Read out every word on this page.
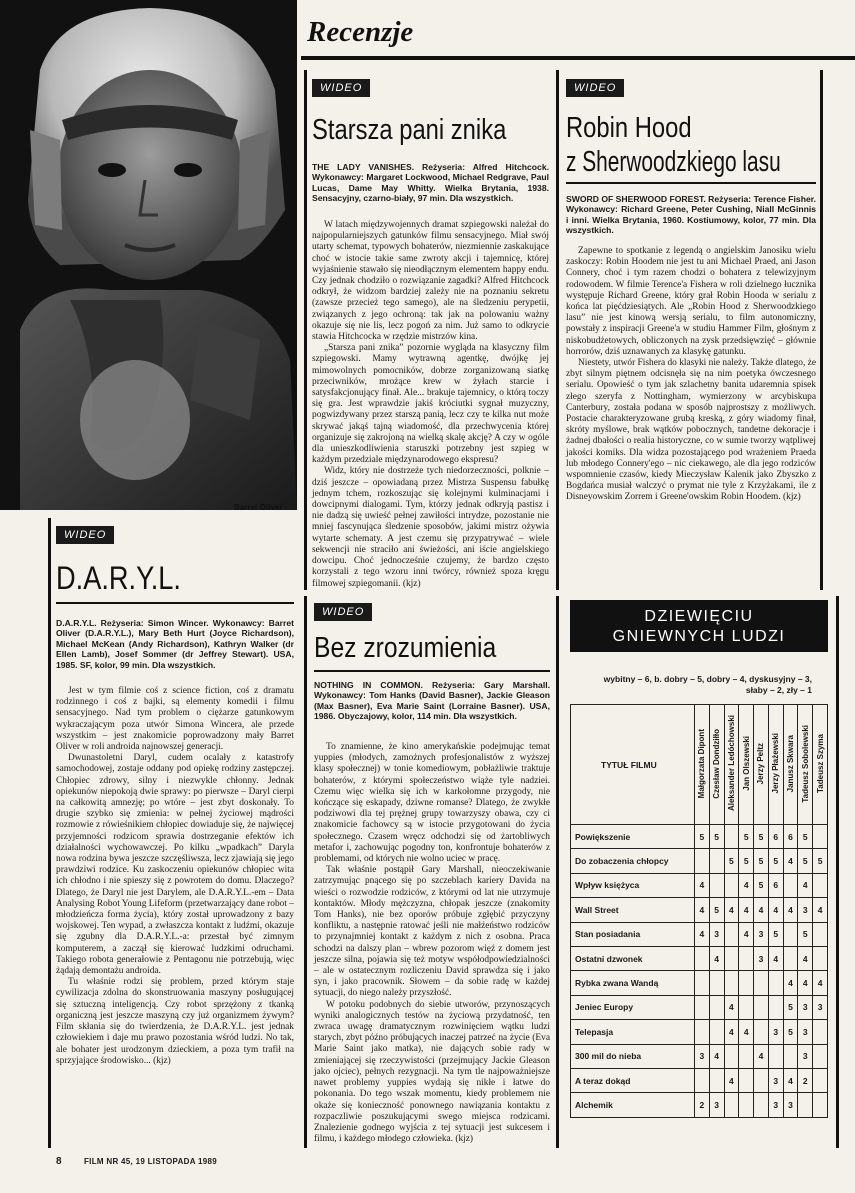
Barret Oliver
Recenzje
WIDEO
Starsza pani znika
THE LADY VANISHES. Reżyseria: Alfred Hitchcock. Wykonawcy: Margaret Lockwood, Michael Redgrave, Paul Lucas, Dame May Whitty. Wielka Brytania, 1938. Sensacyjny, czarno-biały, 97 min. Dla wszystkich.

W latach międzywojennych dramat szpiegowski należał do najpopularniejszych gatunków filmu sensacyjnego. Miał swój utarty schemat, typowych bohaterów, niezmiennie zaskakujące choć w istocie takie same zwroty akcji i tajemnicę, której wyjaśnienie stawało się nieodłącznym elementem happy endu. Czy jednak chodziło o rozwiązanie zagadki? Alfred Hitchcock odkrył, że widzom bardziej zależy nie na poznaniu sekretu (zawsze przecież tego samego), ale na śledzeniu perypetii, związanych z jego ochroną: tak jak na polowaniu ważny okazuje się nie lis, lecz pogoń za nim. Już samo to odkrycie stawia Hitchcocka w rzędzie mistrzów kina.

„Starsza pani znika” pozornie wygląda na klasyczny film szpiegowski. Mamy wytrawną agentkę, dwójkę jej mimowolnych pomocników, dobrze zorganizowaną siatkę przeciwników, mrożące krew w żyłach starcie i satysfakcjonujący finał. Ale... brakuje tajemnicy, o którą toczy się gra. Jest wprawdzie jakiś króciutki sygnał muzyczny, pogwizdywany przez starszą panią, lecz czy te kilka nut może skrywać jakąś tajną wiadomość, dla przechwycenia której organizuje się zakrojoną na wielką skalę akcję? A czy w ogóle dla unieszkodliwienia staruszki potrzebny jest szpieg w każdym przedziale międzynarodowego ekspresu?

Widz, który nie dostrzeże tych niedorzeczności, polknie – dziś jeszcze – opowiadaną przez Mistrza Suspensu fabułkę jednym tchem, rozkoszując się kolejnymi kulminacjami i dowcipnymi dialogami. Tym, którzy jednak odkryją pastisz i nie dadzą się uwieść pełnej zawiłości intrydze, pozostanie nie mniej fascynująca śledzenie sposobów, jakimi mistrz ożywia wytarte schematy. A jest czemu się przypatrywać – wiele sekwencji nie straciło ani świeżości, ani iście angielskiego dowcipu. Choć jednocześnie czujemy, że bardzo często korzystali z tego wzoru inni twórcy, również spoza kręgu filmowej szpiegomanii. (kjz)

WIDEO
Robin Hood
z Sherwoodzkiego lasu
SWORD OF SHERWOOD FOREST. Reżyseria: Terence Fisher. Wykonawcy: Richard Greene, Peter Cushing, Niall McGinnis i inni. Wielka Brytania, 1960. Kostiumowy, kolor, 77 min. Dla wszystkich.

Zapewne to spotkanie z legendą o angielskim Janosiku wielu zaskoczy: Robin Hoodem nie jest tu ani Michael Praed, ani Jason Connery, choć i tym razem chodzi o bohatera z telewizyjnym rodowodem. W filmie Terence'a Fishera w roli dzielnego łucznika występuje Richard Greene, który grał Robin Hooda w serialu z końca lat pięćdziesiątych. Ale „Robin Hood z Sherwoodzkiego lasu” nie jest kinową wersją serialu, to film autonomiczny, powstały z inspiracji Greene'a w studiu Hammer Film, głośnym z niskobudżetowych, obliczonych na zysk przedsięwzięć – głównie horrorów, dziś uznawanych za klasykę gatunku.

Niestety, utwór Fishera do klasyki nie należy. Także dlatego, że zbyt silnym piętnem odcisnęła się na nim poetyka ówczesnego serialu. Opowieść o tym jak szlachetny banita udaremnia spisek złego szeryfa z Nottingham, wymierzony w arcybiskupa Canterbury, została podana w sposób najprostszy z możliwych. Postacie charakteryzowane grubą kreską, z góry wiadomy finał, skróty myślowe, brak wątków pobocznych, tandetne dekoracje i żadnej dbałości o realia historyczne, co w sumie tworzy wątpliwej jakości komiks. Dla widza pozostającego pod wrażeniem Praeda lub młodego Connery'ego – nic ciekawego, ale dla jego rodziców wspomnienie czasów, kiedy Mieczysław Kalenik jako Zbyszko z Bogdańca musiał walczyć o prymat nie tyle z Krzyżakami, ile z Disneyowskim Zorrem i Greene'owskim Robin Hoodem. (kjz)

WIDEO
D.A.R.Y.L.
D.A.R.Y.L. Reżyseria: Simon Wincer. Wykonawcy: Barret Oliver (D.A.R.Y.L.), Mary Beth Hurt (Joyce Richardson), Michael McKean (Andy Richardson), Kathryn Walker (dr Ellen Lamb), Josef Sommer (dr Jeffrey Stewart). USA, 1985. SF, kolor, 99 min. Dla wszystkich.

Jest w tym filmie coś z science fiction, coś z dramatu rodzinnego i coś z bajki, są elementy komedii i filmu sensacyjnego. Nad tym problem o ciężarze gatunkowym wykraczającym poza utwór Simona Wincera, ale przede wszystkim – jest znakomicie poprowadzony mały Barret Oliver w roli androida najnowszej generacji.

Dwunastoletni Daryl, cudem ocalały z katastrofy samochodowej, zostaje oddany pod opiekę rodziny zastępczej. Chłopiec zdrowy, silny i niezwykle chłonny. Jednak opiekunów niepokoją dwie sprawy: po pierwsze – Daryl cierpi na całkowitą amnezję; po wtóre – jest zbyt doskonały. To drugie szybko się zmienia: w pełnej życiowej mądrości rozmowie z rówieśnikiem chłopiec dowiaduje się, że najwięcej przyjemności rodzicom sprawia dostrzeganie efektów ich działalności wychowawczej. Po kilku „wpadkach” Daryla nowa rodzina bywa jeszcze szczęśliwsza, lecz zjawiają się jego prawdziwi rodzice. Ku zaskoczeniu opiekunów chłopiec wita ich chłodno i nie spieszy się z powrotem do domu. Dlaczego? Dlatego, że Daryl nie jest Darylem, ale D.A.R.Y.L.-em – Data Analysing Robot Young Lifeform (przetwarzający dane robot – młodzieńcza forma życia), który został uprowadzony z bazy wojskowej. Ten wypad, a zwłaszcza kontakt z ludźmi, okazuje się zgubny dla D.A.R.Y.L.-a: przestał być zimnym komputerem, a zaczął się kierować ludzkimi odruchami. Takiego robota generałowie z Pentagonu nie potrzebują, więc żądają demontażu androida.

Tu właśnie rodzi się problem, przed którym staje cywilizacja zdolna do skonstruowania maszyny posługującej się sztuczną inteligencją. Czy robot sprzężony z tkanką organiczną jest jeszcze maszyną czy już organizmem żywym? Film skłania się do twierdzenia, że D.A.R.Y.L. jest jednak człowiekiem i daje mu prawo pozostania wśród ludzi. No tak, ale bohater jest urodzonym dzieckiem, a poza tym trafił na sprzyjające środowisko... (kjz)

WIDEO
Bez zrozumienia
NOTHING IN COMMON. Reżyseria: Gary Marshall. Wykonawcy: Tom Hanks (David Basner), Jackie Gleason (Max Basner), Eva Marie Saint (Lorraine Basner). USA, 1986. Obyczajowy, kolor, 114 min. Dla wszystkich.

To znamienne, że kino amerykańskie podejmując temat yuppies (młodych, zamożnych profesjonalistów z wyższej klasy społecznej) w tonie komediowym, pobłażliwie traktuje bohaterów, z którymi społeczeństwo wiąże tyle nadziei. Czemu więc wielka się ich w karkołomne przygody, nie kończące się eskapady, dziwne romanse? Dlatego, że zwykłe podziwowi dla tej prężnej grupy towarzyszy obawa, czy ci znakomicie fachowcy są w istocie przygotowani do życia społecznego. Czasem wręcz odchodzi się od żartobliwych metafor i, zachowując pogodny ton, konfrontuje bohaterów z problemami, od których nie wolno uciec w pracę.

Tak właśnie postąpił Gary Marshall, nieoczekiwanie zatrzymując pnącego się po szczeblach kariery Davida na wieści o rozwodzie rodziców, z którymi od lat nie utrzymuje kontaktów. Młody mężczyzna, chłopak jeszcze (znakomity Tom Hanks), nie bez oporów próbuje zgłębić przyczyny konfliktu, a następnie ratować jeśli nie małżeństwo rodziców to przynajmniej kontakt z każdym z nich z osobna. Praca schodzi na dalszy plan – wbrew pozorom więź z domem jest jeszcze silna, pojawia się też motyw współodpowiedzialności – ale w ostatecznym rozliczeniu David sprawdza się i jako syn, i jako pracownik. Słowem – da sobie radę w każdej sytuacji, do niego należy przyszłość.

W potoku podobnych do siebie utworów, przynoszących wyniki analogicznych testów na życiową przydatność, ten zwraca uwagę dramatycznym rozwinięciem wątku ludzi starych, zbyt późno próbujących inaczej patrzeć na życie (Eva Marie Saint jako matka), nie dających sobie rady w zmieniającej się rzeczywistości (przejmujący Jackie Gleason jako ojciec), pełnych rezygnacji. Na tym tle najpoważniejsze nawet problemy yuppies wydają się nikłe i łatwe do pokonania. Do tego wszak momentu, kiedy problemem nie okaże się konieczność ponownego nawiązania kontaktu z rozpaczliwie poszukującymi swego miejsca rodzicami. Znalezienie godnego wyjścia z tej sytuacji jest sukcesem i filmu, i każdego młodego człowieka. (kjz)

DZIEWIĘCIU
GNIEWNYCH LUDZI
wybitny – 6, b. dobry – 5, dobry – 4, dyskusyjny – 3, słaby – 2, zły – 1
TYTUŁ FILMU	Małgorzata Dipont	Czesław Dondziłło	Aleksander Ledóchowski	Jan Olszewski	Jerzy Peltz	Jerzy Płażewski	Janusz Skwara	Tadeusz Sobolewski	Tadeusz Szyma
Powiększenie	5	5		5	5	6	6	5	
Do zobaczenia chłopcy			5	5	5	5	4	5	5
Wpływ księżyca	4			4	5	6		4	
Wall Street	4	5	4	4	4	4	4	3	4
Stan posiadania	4	3		4	3	5		5	
Ostatni dzwonek		4			3	4		4	
Rybka zwana Wandą							4	4	4
Jeniec Europy			4				5	3	3
Telepasja			4	4		3	5	3	
300 mil do nieba	3	4			4			3	
A teraz dokąd			4			3	4	2	
Alchemik	2	3				3	3		
8	FILM NR 45, 19 LISTOPADA 1989
